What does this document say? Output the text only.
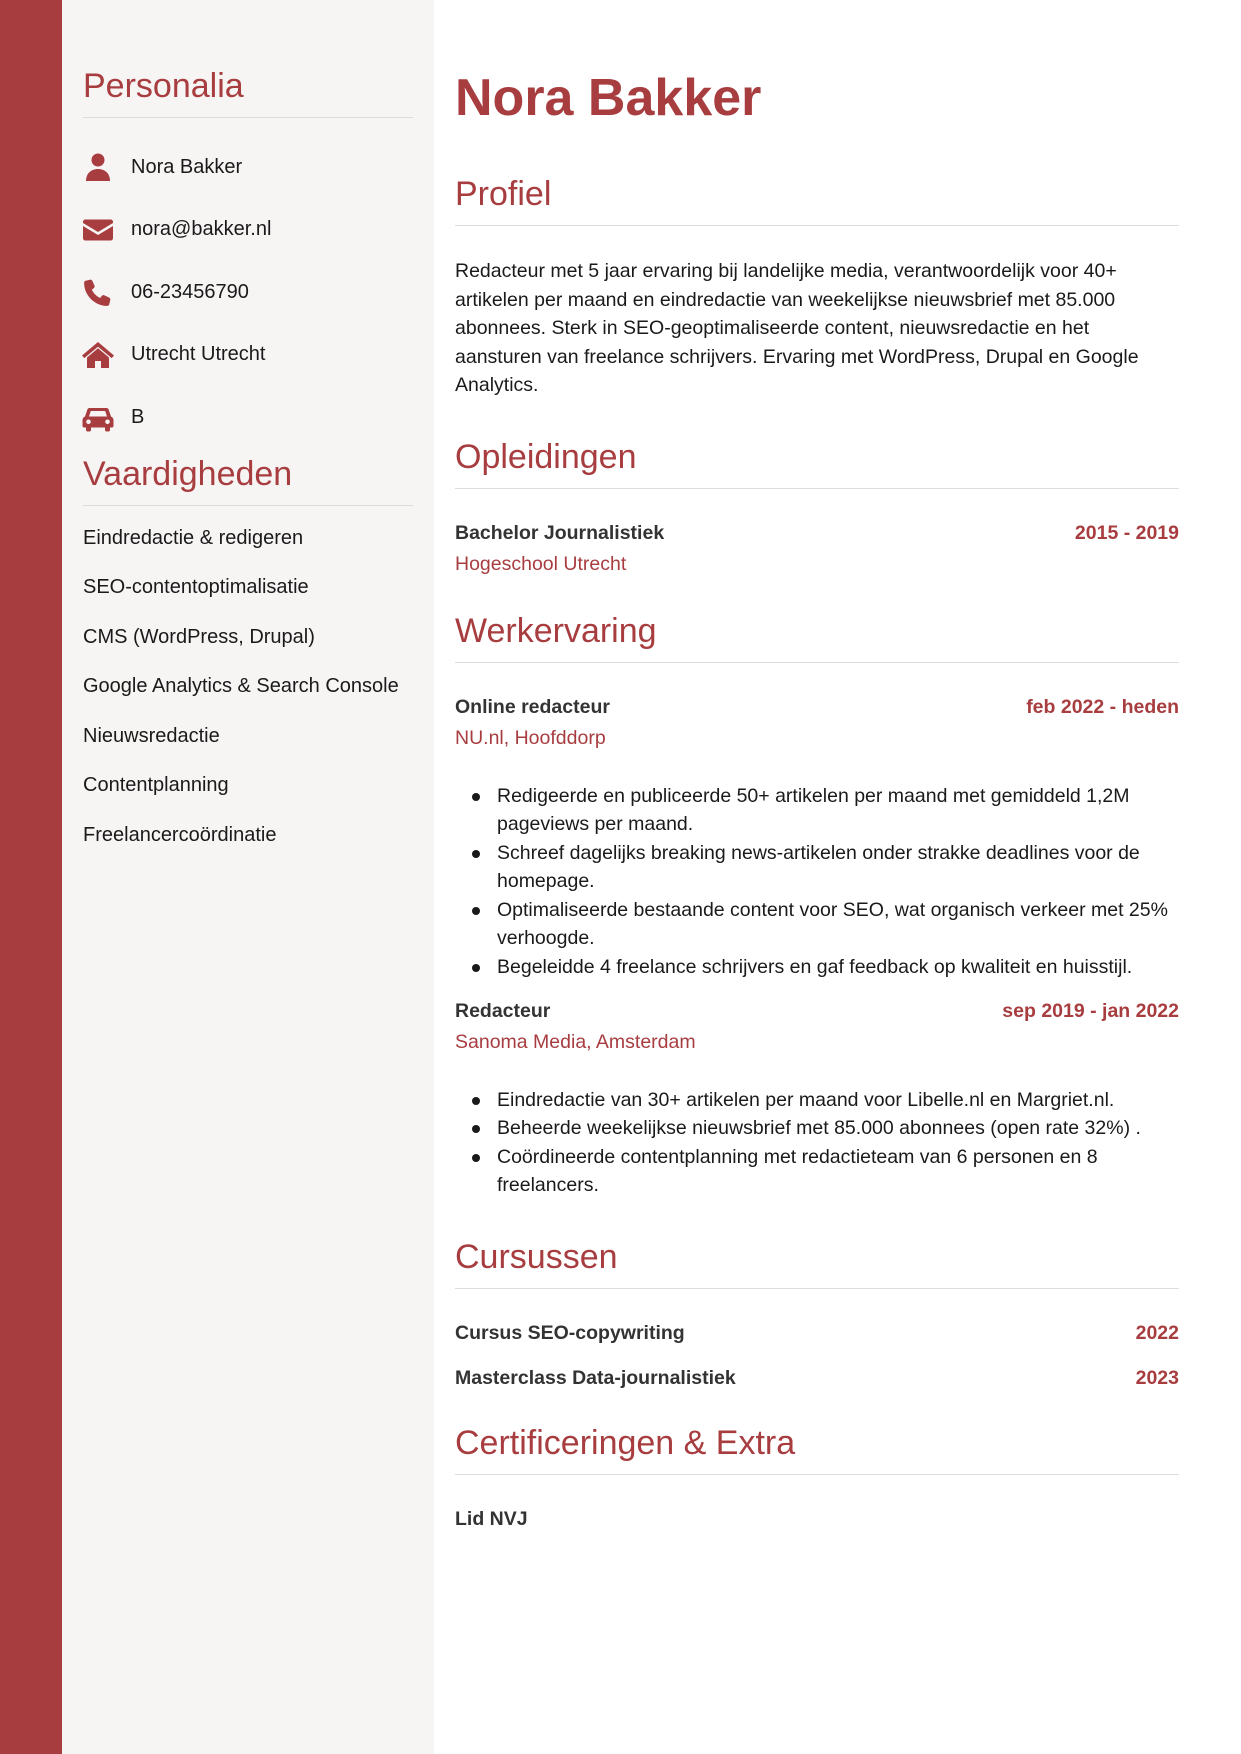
Personalia
Nora Bakker
nora@bakker.nl
06-23456790
Utrecht Utrecht
B
Vaardigheden
Eindredactie & redigeren
SEO-contentoptimalisatie
CMS (WordPress, Drupal)
Google Analytics & Search Console
Nieuwsredactie
Contentplanning
Freelancercoördinatie
Nora Bakker
Profiel

Redacteur met 5 jaar ervaring bij landelijke media, verantwoordelijk voor 40+ artikelen per maand en eindredactie van weekelijkse nieuwsbrief met 85.000 abonnees. Sterk in SEO-geoptimaliseerde content, nieuwsredactie en het aansturen van freelance schrijvers. Ervaring met WordPress, Drupal en Google Analytics.

Opleidingen
Bachelor Journalistiek	2015 - 2019
Hogeschool Utrecht
Werkervaring
Online redacteur	feb 2022 - heden
NU.nl, Hoofddorp
Redigeerde en publiceerde 50+ artikelen per maand met gemiddeld 1,2M pageviews per maand.
Schreef dagelijks breaking news-artikelen onder strakke deadlines voor de homepage.
Optimaliseerde bestaande content voor SEO, wat organisch verkeer met 25% verhoogde.
Begeleidde 4 freelance schrijvers en gaf feedback op kwaliteit en huisstijl.
Redacteur	sep 2019 - jan 2022
Sanoma Media, Amsterdam
Eindredactie van 30+ artikelen per maand voor Libelle.nl en Margriet.nl.
Beheerde weekelijkse nieuwsbrief met 85.000 abonnees (open rate 32%) .
Coördineerde contentplanning met redactieteam van 6 personen en 8 freelancers.
Cursussen
Cursus SEO-copywriting	2022
Masterclass Data-journalistiek	2023
Certificeringen & Extra
Lid NVJ
